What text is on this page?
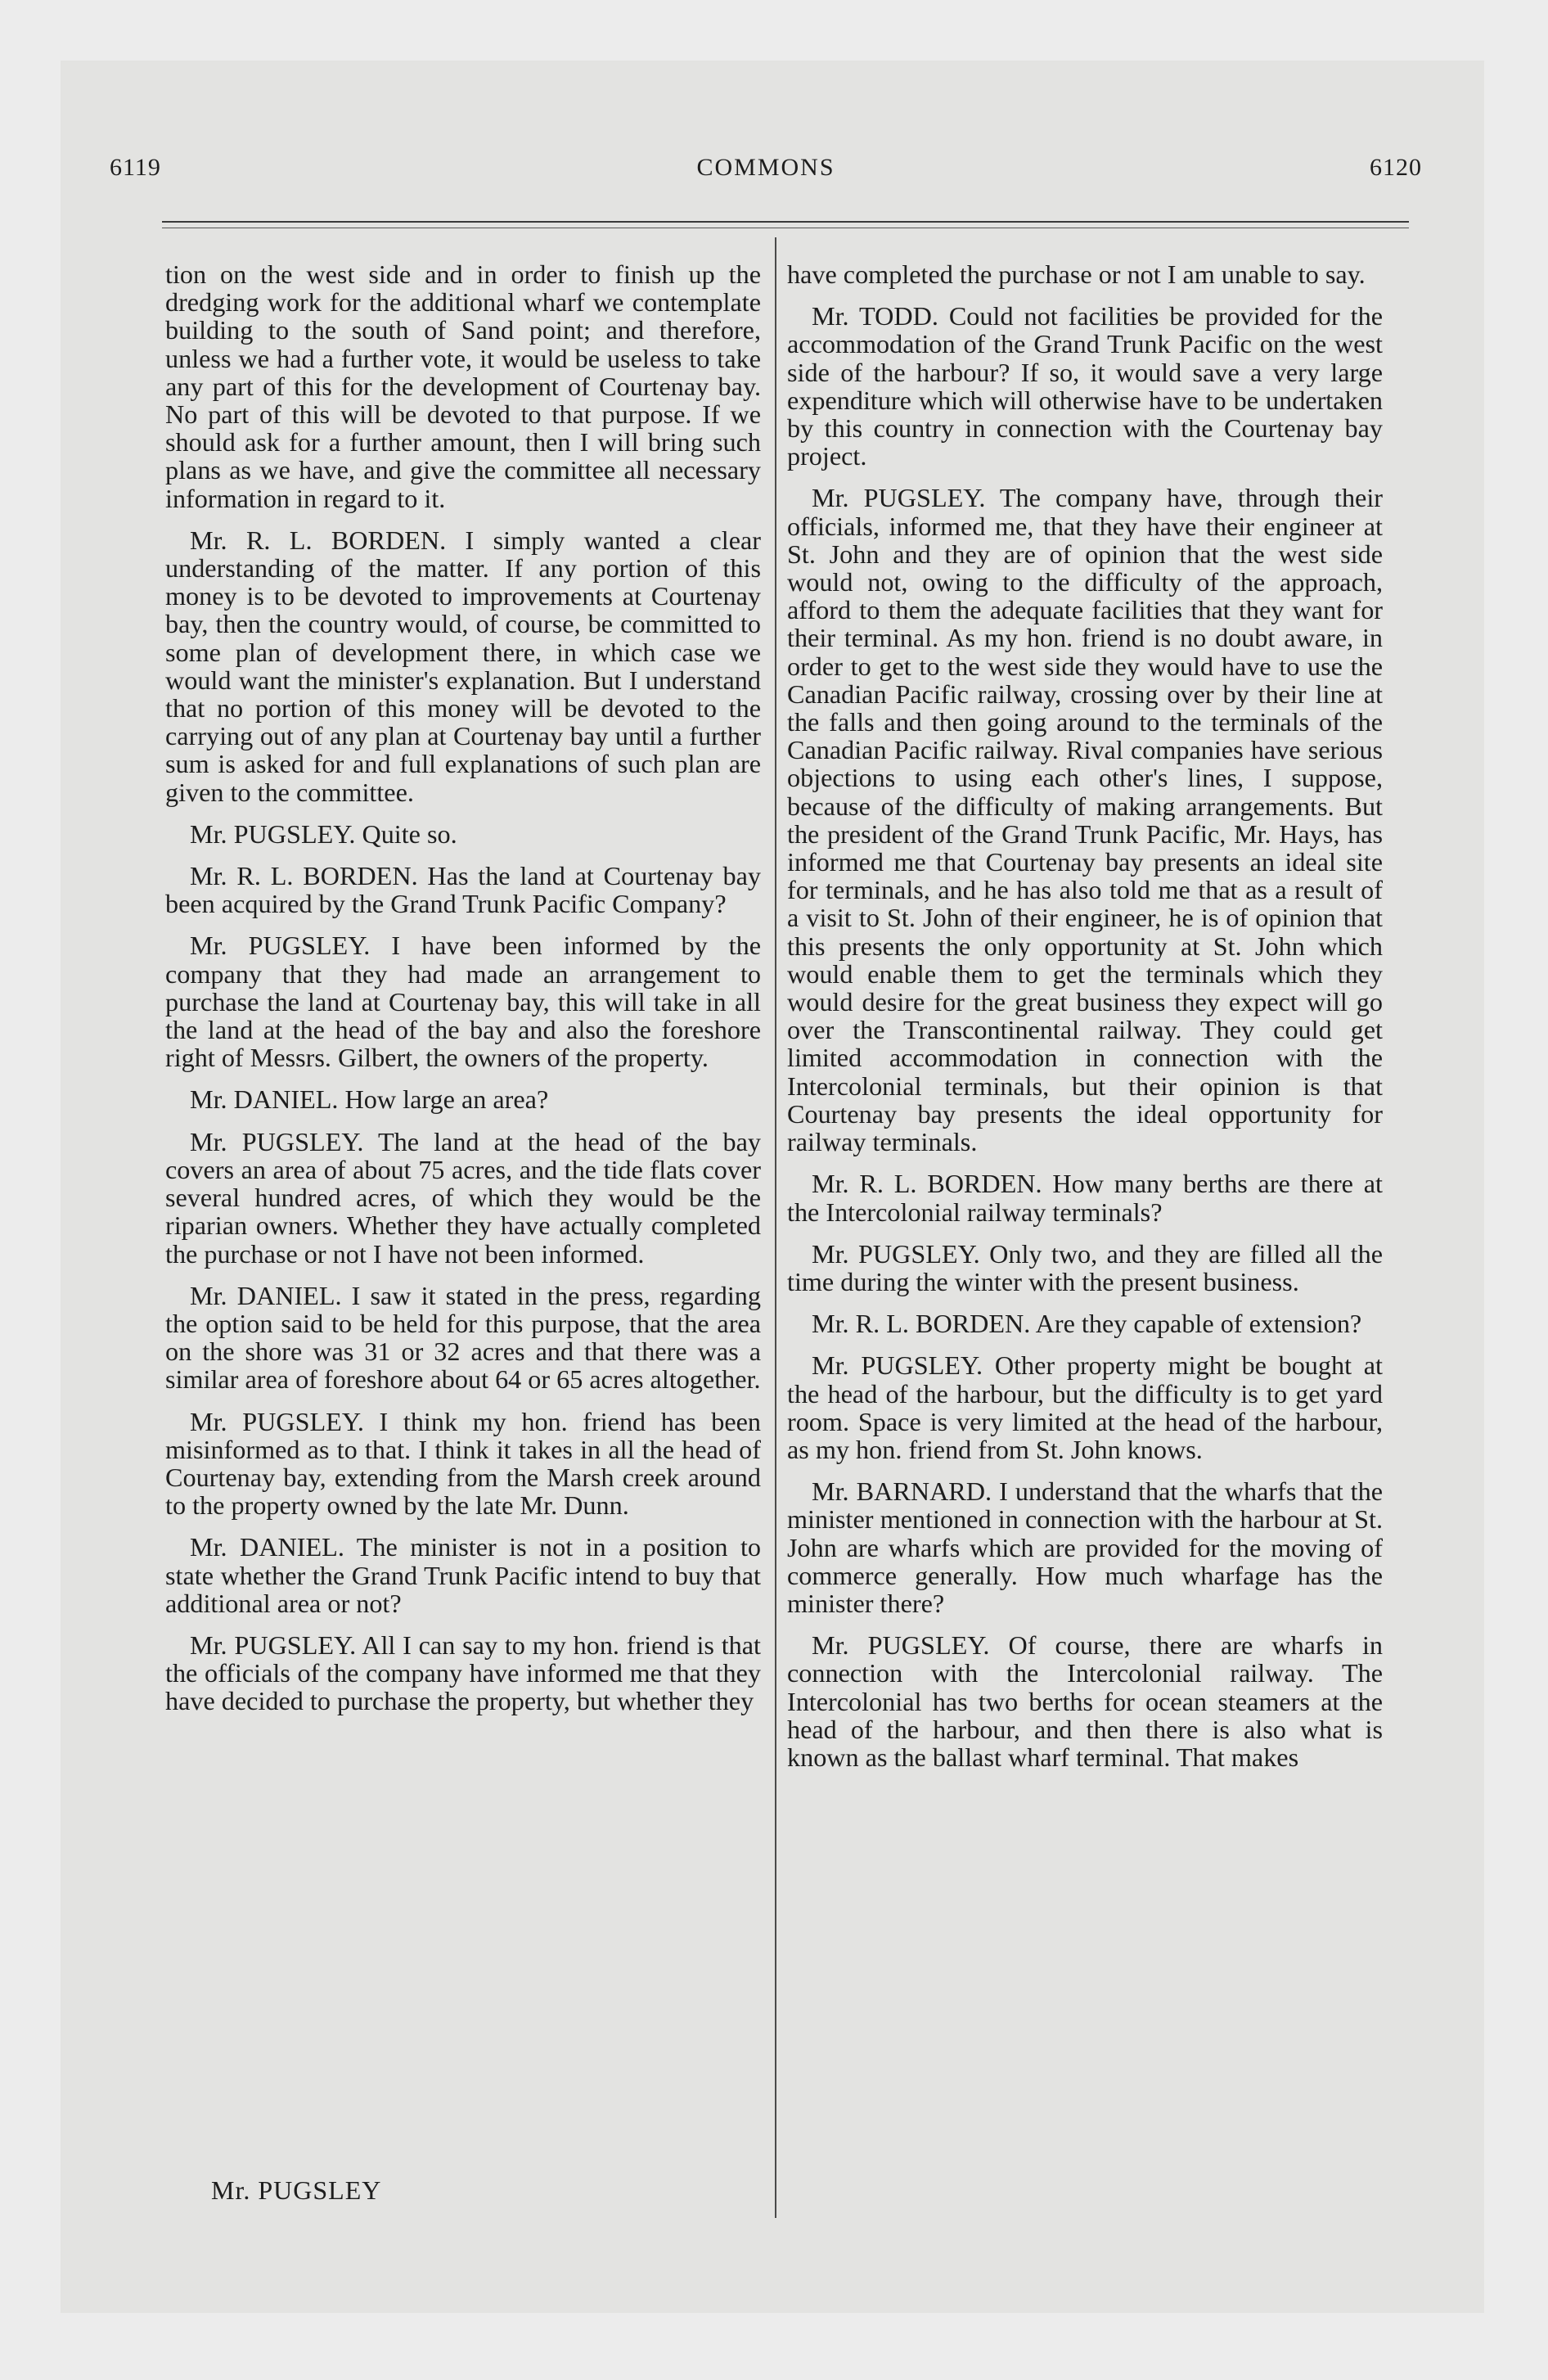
6119	COMMONS	6120

tion on the west side and in order to finish up the dredging work for the additional wharf we contemplate building to the south of Sand point; and therefore, unless we had a further vote, it would be useless to take any part of this for the development of Courtenay bay. No part of this will be devoted to that purpose. If we should ask for a further amount, then I will bring such plans as we have, and give the committee all necessary information in regard to it.

Mr. R. L. BORDEN. I simply wanted a clear understanding of the matter. If any portion of this money is to be devoted to improvements at Courtenay bay, then the country would, of course, be committed to some plan of development there, in which case we would want the minister's explanation. But I understand that no portion of this money will be devoted to the carrying out of any plan at Courtenay bay until a further sum is asked for and full explanations of such plan are given to the committee.

Mr. PUGSLEY. Quite so.

Mr. R. L. BORDEN. Has the land at Courtenay bay been acquired by the Grand Trunk Pacific Company?

Mr. PUGSLEY. I have been informed by the company that they had made an arrangement to purchase the land at Courtenay bay, this will take in all the land at the head of the bay and also the foreshore right of Messrs. Gilbert, the owners of the property.

Mr. DANIEL. How large an area?

Mr. PUGSLEY. The land at the head of the bay covers an area of about 75 acres, and the tide flats cover several hundred acres, of which they would be the riparian owners. Whether they have actually completed the purchase or not I have not been informed.

Mr. DANIEL. I saw it stated in the press, regarding the option said to be held for this purpose, that the area on the shore was 31 or 32 acres and that there was a similar area of foreshore about 64 or 65 acres altogether.

Mr. PUGSLEY. I think my hon. friend has been misinformed as to that. I think it takes in all the head of Courtenay bay, extending from the Marsh creek around to the property owned by the late Mr. Dunn.

Mr. DANIEL. The minister is not in a position to state whether the Grand Trunk Pacific intend to buy that additional area or not?

Mr. PUGSLEY. All I can say to my hon. friend is that the officials of the company have informed me that they have decided to purchase the property, but whether they

have completed the purchase or not I am unable to say.

Mr. TODD. Could not facilities be provided for the accommodation of the Grand Trunk Pacific on the west side of the harbour? If so, it would save a very large expenditure which will otherwise have to be undertaken by this country in connection with the Courtenay bay project.

Mr. PUGSLEY. The company have, through their officials, informed me, that they have their engineer at St. John and they are of opinion that the west side would not, owing to the difficulty of the approach, afford to them the adequate facilities that they want for their terminal. As my hon. friend is no doubt aware, in order to get to the west side they would have to use the Canadian Pacific railway, crossing over by their line at the falls and then going around to the terminals of the Canadian Pacific railway. Rival companies have serious objections to using each other's lines, I suppose, because of the difficulty of making arrangements. But the president of the Grand Trunk Pacific, Mr. Hays, has informed me that Courtenay bay presents an ideal site for terminals, and he has also told me that as a result of a visit to St. John of their engineer, he is of opinion that this presents the only opportunity at St. John which would enable them to get the terminals which they would desire for the great business they expect will go over the Transcontinental railway. They could get limited accommodation in connection with the Intercolonial terminals, but their opinion is that Courtenay bay presents the ideal opportunity for railway terminals.

Mr. R. L. BORDEN. How many berths are there at the Intercolonial railway terminals?

Mr. PUGSLEY. Only two, and they are filled all the time during the winter with the present business.

Mr. R. L. BORDEN. Are they capable of extension?

Mr. PUGSLEY. Other property might be bought at the head of the harbour, but the difficulty is to get yard room. Space is very limited at the head of the harbour, as my hon. friend from St. John knows.

Mr. BARNARD. I understand that the wharfs that the minister mentioned in connection with the harbour at St. John are wharfs which are provided for the moving of commerce generally. How much wharfage has the minister there?

Mr. PUGSLEY. Of course, there are wharfs in connection with the Intercolonial railway. The Intercolonial has two berths for ocean steamers at the head of the harbour, and then there is also what is known as the ballast wharf terminal. That makes

Mr. PUGSLEY
